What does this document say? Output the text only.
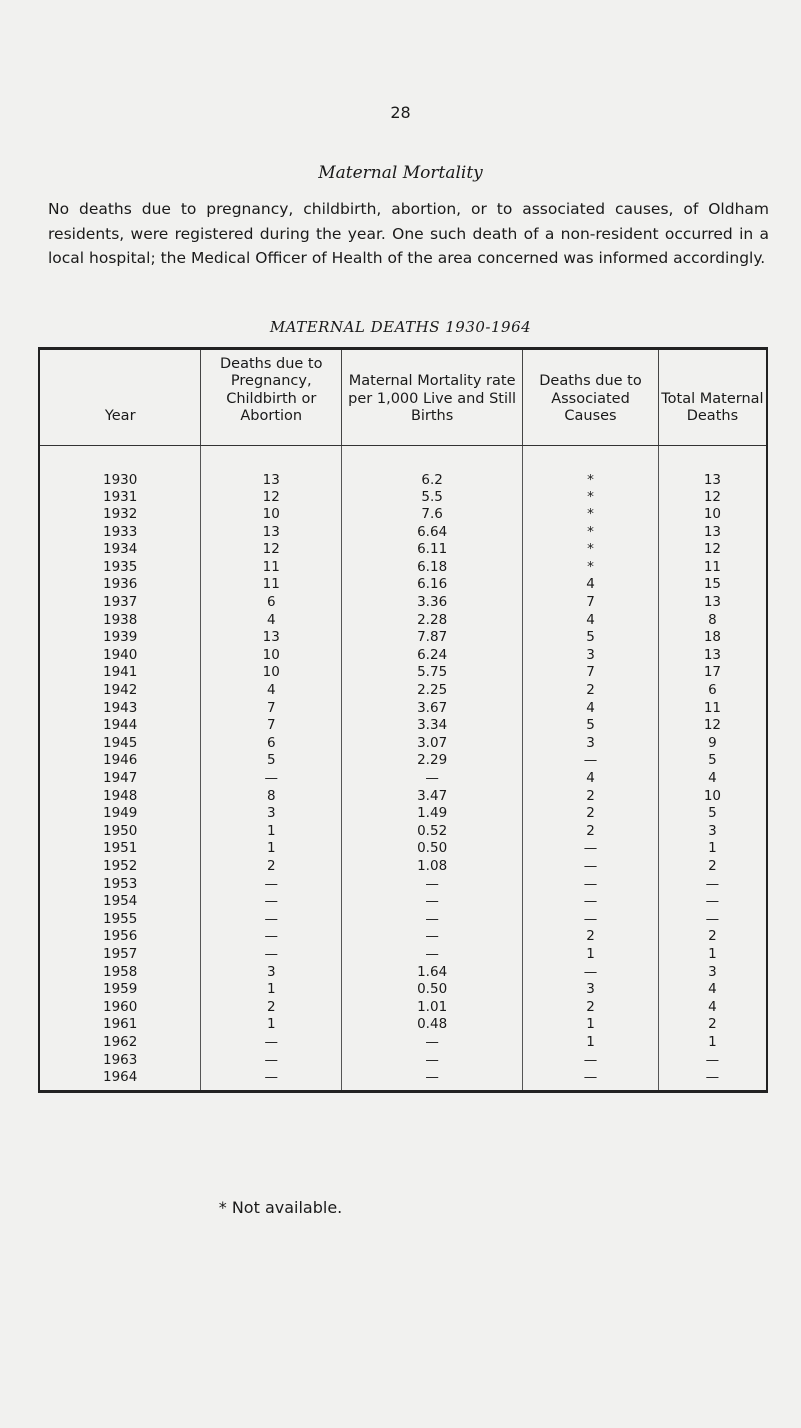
28
Maternal Mortality

No deaths due to pregnancy, childbirth, abortion, or to associated causes, of Oldham residents, were registered during the year. One such death of a non-resident occurred in a local hospital; the Medical Officer of Health of the area concerned was informed accordingly.

MATERNAL DEATHS 1930-1964
Year	Deaths due to Pregnancy, Childbirth or Abortion	Maternal Mortality rate per 1,000 Live and Still Births	Deaths due to Associated Causes	Total Maternal Deaths
1930	13	6.2	*	13
1931	12	5.5	*	12
1932	10	7.6	*	10
1933	13	6.64	*	13
1934	12	6.11	*	12
1935	11	6.18	*	11
1936	11	6.16	4	15
1937	6	3.36	7	13
1938	4	2.28	4	8
1939	13	7.87	5	18
1940	10	6.24	3	13
1941	10	5.75	7	17
1942	4	2.25	2	6
1943	7	3.67	4	11
1944	7	3.34	5	12
1945	6	3.07	3	9
1946	5	2.29	—	5
1947	—	—	4	4
1948	8	3.47	2	10
1949	3	1.49	2	5
1950	1	0.52	2	3
1951	1	0.50	—	1
1952	2	1.08	—	2
1953	—	—	—	—
1954	—	—	—	—
1955	—	—	—	—
1956	—	—	2	2
1957	—	—	1	1
1958	3	1.64	—	3
1959	1	0.50	3	4
1960	2	1.01	2	4
1961	1	0.48	1	2
1962	—	—	1	1
1963	—	—	—	—
1964	—	—	—	—
* Not available.
